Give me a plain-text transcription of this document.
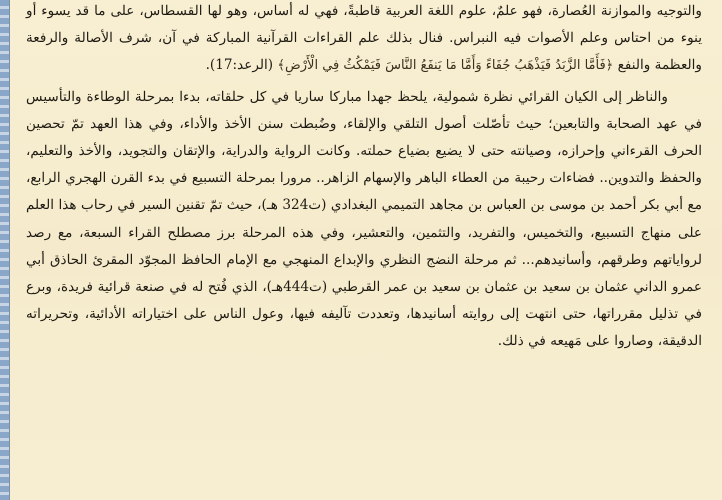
والتوجيه والموازنة العُصارة، فهو علمٌ، علوم اللغة العربية قاطبةً، فهي له أساس، وهو لها القسطاس، على ما قد يسوء أو ينوء من احتاس وعلم الأصوات فيه النبراس. فنال بذلك علم القراءات القرآنية المباركة في آن، شرف الأصالة والرفعة والعظمة والنفع ﴿فَأَمَّا الزَّبَدُ فَيَذْهَبُ جُفَاءً وَأَمَّا مَا يَنفَعُ النَّاسَ فَيَمْكُثُ فِي الْأَرْضِ﴾ (الرعد:17).

والناظر إلى الكيان القرائي نظرة شمولية، يلحظ جهدا مباركا ساريا في كل حلقاته، بدءا بمرحلة الوطاءة والتأسيس في عهد الصحابة والتابعين؛ حيث تأصّلت أصول التلقي والإلقاء، وضُبطت سنن الأخذ والأداء، وفي هذا العهد تمّ تحصين الحرف القرءاني وإحرازه، وصيانته حتى لا يضيع بضياع حملته. وكانت الرواية والدراية، والإتقان والتجويد، والأخذ والتعليم، والحفظ والتدوين.. فضاءات رحيبة من العطاء الباهر والإسهام الزاهر.. مرورا بمرحلة التسبيع في بدء القرن الهجري الرابع، مع أبي بكر أحمد بن موسى بن العباس بن مجاهد التميمي البغدادي (ت324 هـ)، حيث تمّ تقنين السير في رحاب هذا العلم على منهاج التسبيع، والتخميس، والتفريد، والتثمين، والتعشير، وفي هذه المرحلة برز مصطلح القراء السبعة، مع رصد لرواياتهم وطرقهم، وأسانيدهم... ثم مرحلة النضج النظري والإبداع المنهجي مع الإمام الحافظ المجوّد المقرئ الحاذق أبي عمرو الداني عثمان بن سعيد بن عثمان بن سعيد بن عمر القرطبي (ت444هـ)، الذي فُتح له في صنعة قرائية فريدة، وبرع في تذليل مقرراتها، حتى انتهت إلى روايته أسانيدها، وتعددت تآليفه فيها، وعول الناس على اختياراته الأدائية، وتحريراته الدقيقة، وصاروا على مَهيعه في ذلك.
